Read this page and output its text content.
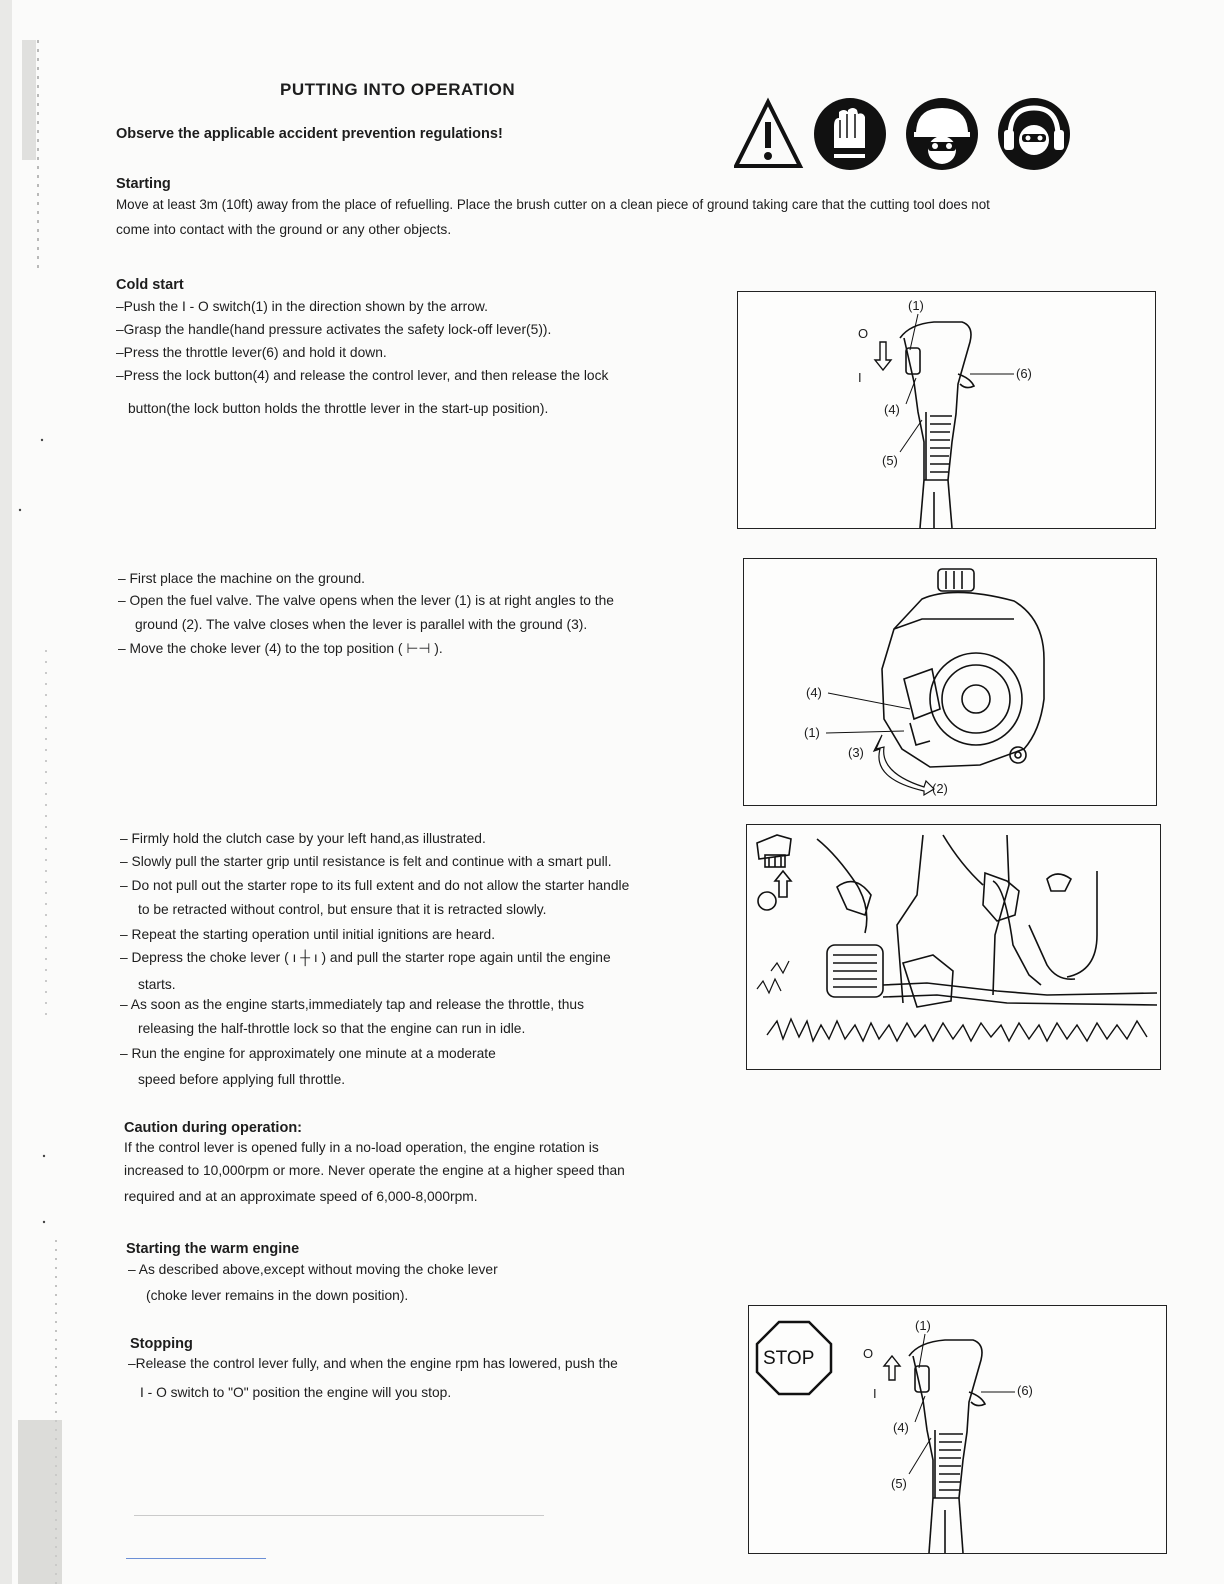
PUTTING INTO OPERATION
Observe the applicable accident prevention regulations!
Starting
Move at least 3m (10ft) away from the place of refuelling. Place the brush cutter on a clean piece of ground taking care that the cutting tool does not
come into contact with the ground or any other objects.
Cold start
–Push the I - O switch(1) in the direction shown by the arrow.
–Grasp the handle(hand pressure activates the safety lock-off lever(5)).
–Press the throttle lever(6) and hold it down.
–Press the lock button(4) and release the control lever, and then release the lock
button(the lock button holds the throttle lever in the start-up position).
O
I
(1)
(6)
(4)
(5)
– First place the machine on the ground.
– Open the fuel valve. The valve opens when the lever (1) is at right angles to the
ground (2). The valve closes when the lever is parallel with the ground (3).
– Move the choke lever (4) to the top position ( ⊢⊣ ).
(4)
(1)
(3)
(2)
– Firmly hold the clutch case by your left hand,as illustrated.
– Slowly pull the starter grip until resistance is felt and continue with a smart pull.
– Do not pull out the starter rope to its full extent and do not allow the starter handle
to be retracted without control, but ensure that it is retracted slowly.
– Repeat the starting operation until initial ignitions are heard.
– Depress the choke lever ( ı ┼ ı ) and pull the starter rope again until the engine
starts.
– As soon as the engine starts,immediately tap and release the throttle, thus
releasing the half-throttle lock so that the engine can run in idle.
– Run the engine for approximately one minute at a moderate
speed before applying full throttle.
Caution during operation:
If the control lever is opened fully in a no-load operation, the engine rotation is
increased to 10,000rpm or more. Never operate the engine at a higher speed than
required and at an approximate speed of 6,000-8,000rpm.
Starting the warm engine
– As described above,except without moving the choke lever
(choke lever remains in the down position).
Stopping
–Release the control lever fully, and when the engine rpm has lowered, push the
I - O switch to "O" position the engine will you stop.
STOP	O
I
(1)
(6)
(4)
(5)
